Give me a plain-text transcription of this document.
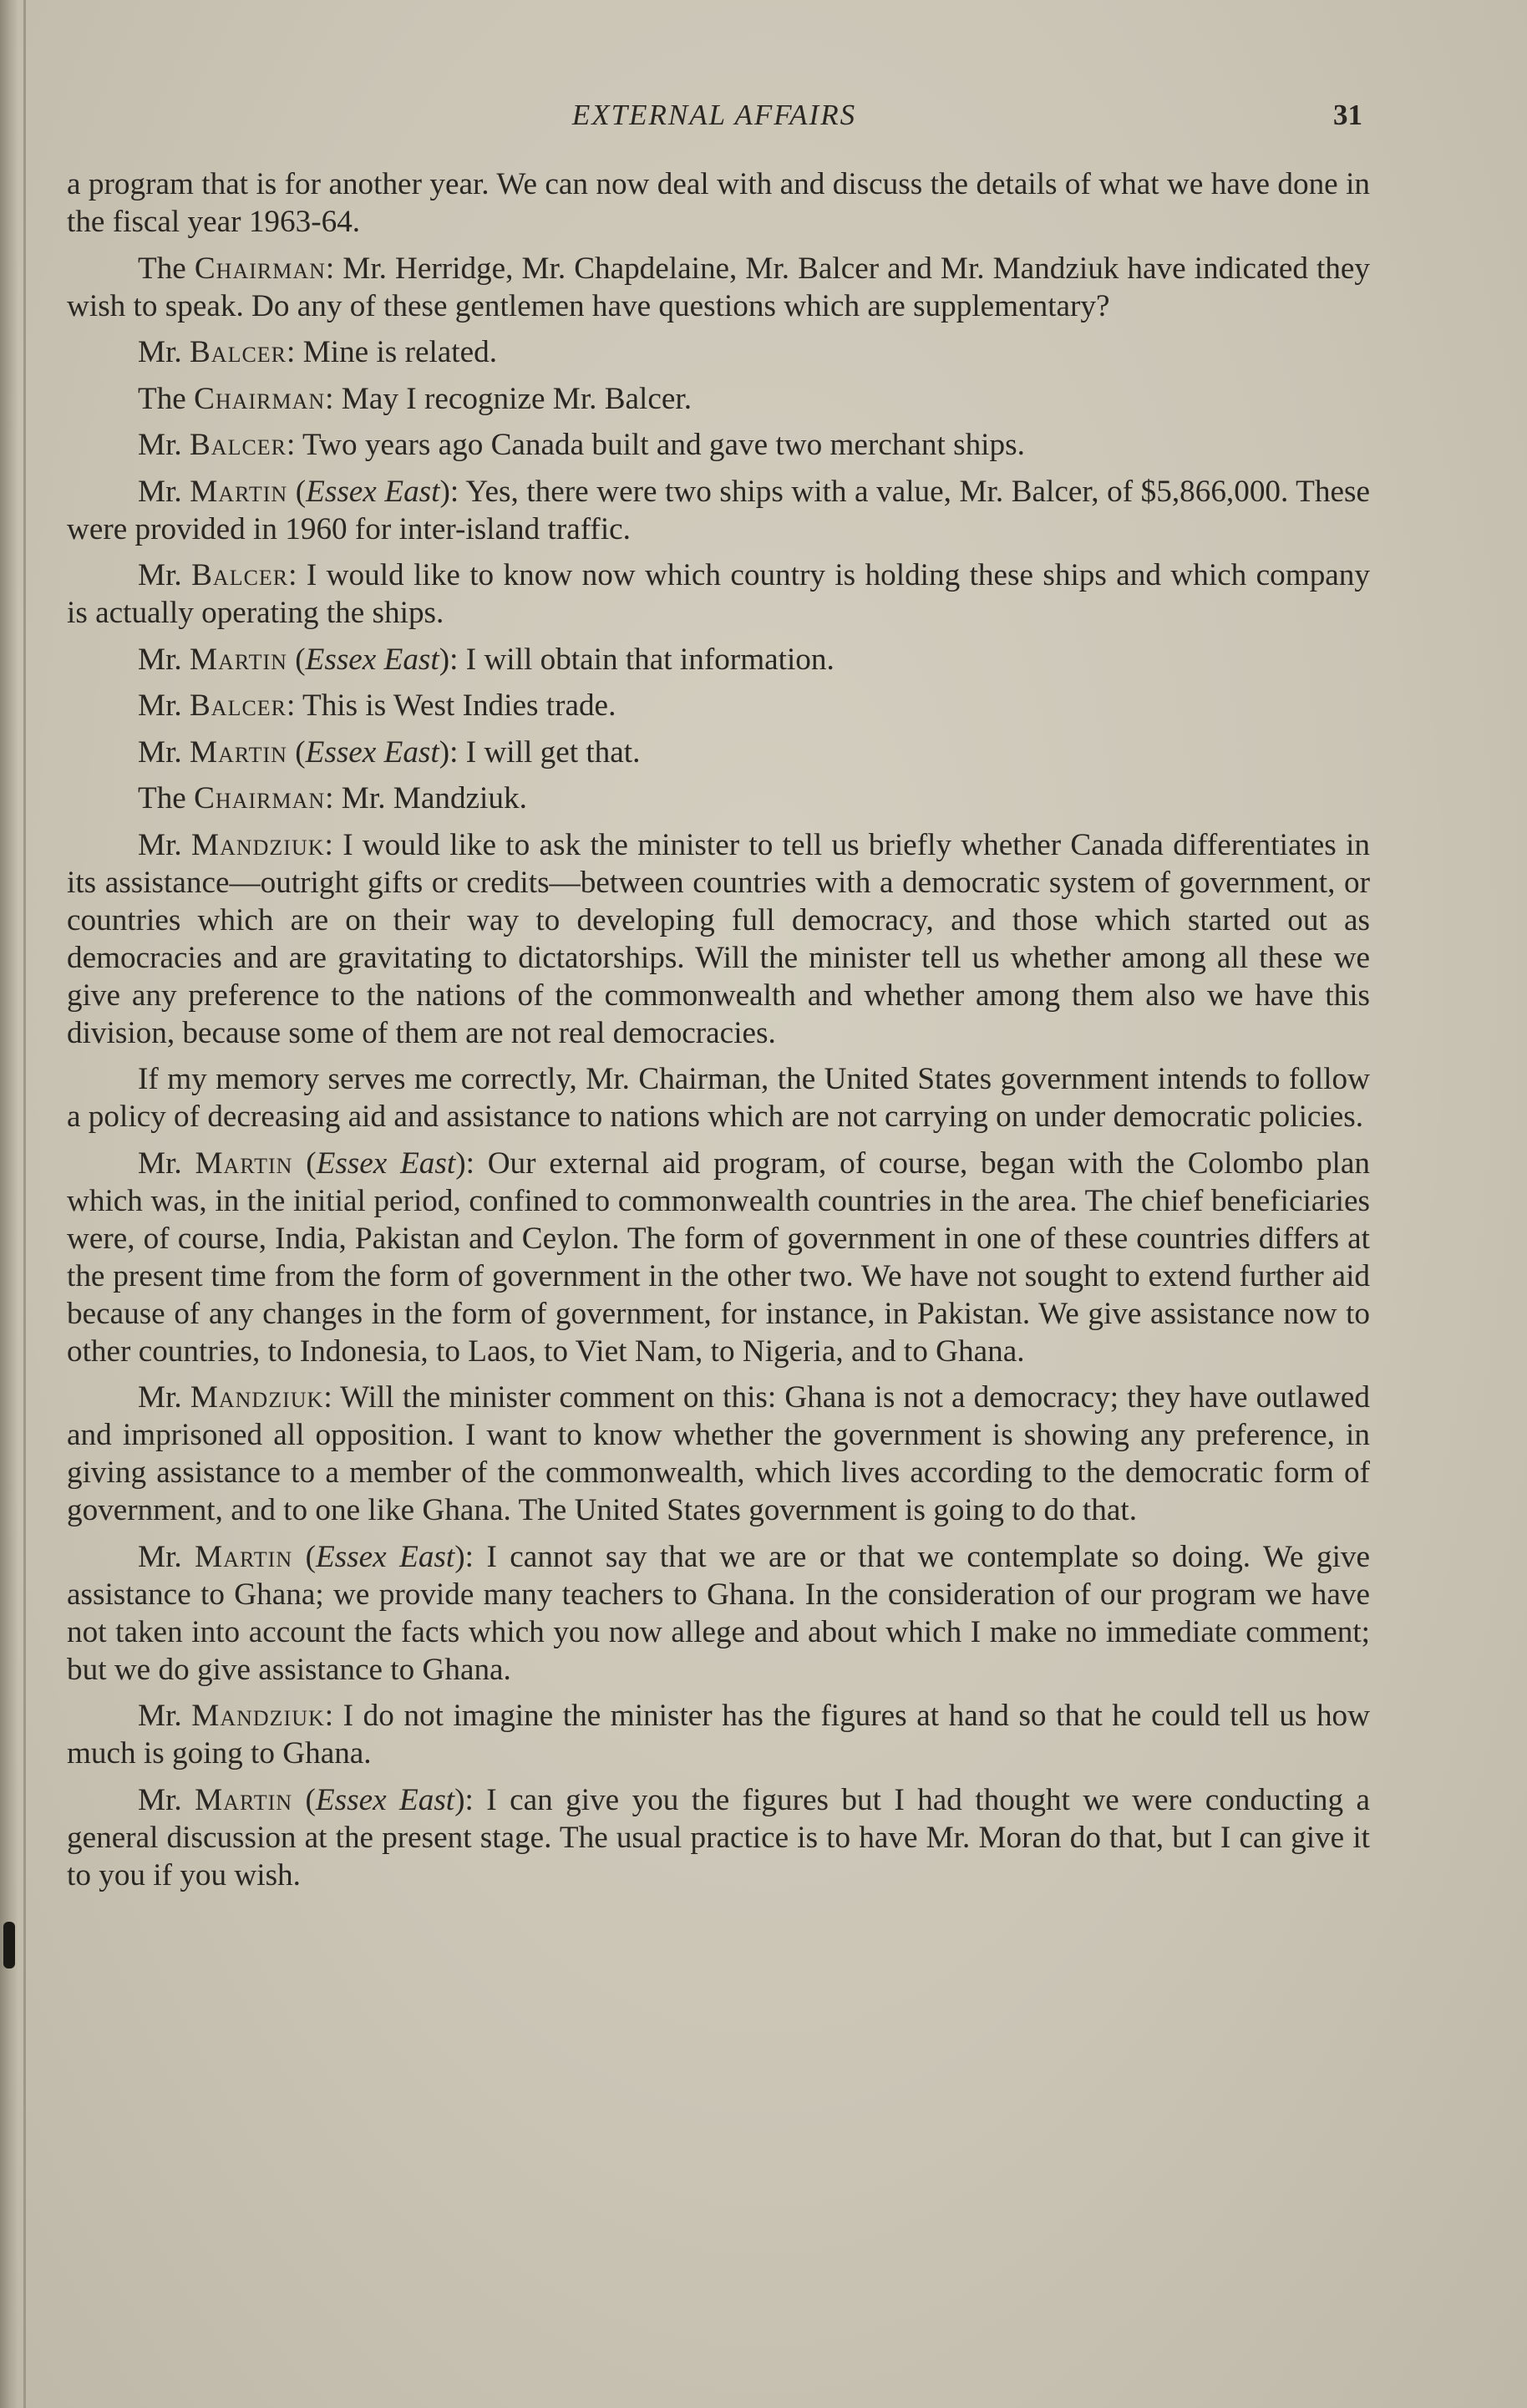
EXTERNAL AFFAIRS	31

a program that is for another year. We can now deal with and discuss the details of what we have done in the fiscal year 1963-64.

The Chairman: Mr. Herridge, Mr. Chapdelaine, Mr. Balcer and Mr. Mandziuk have indicated they wish to speak. Do any of these gentlemen have questions which are supplementary?

Mr. Balcer: Mine is related.

The Chairman: May I recognize Mr. Balcer.

Mr. Balcer: Two years ago Canada built and gave two merchant ships.

Mr. Martin (Essex East): Yes, there were two ships with a value, Mr. Balcer, of $5,866,000. These were provided in 1960 for inter-island traffic.

Mr. Balcer: I would like to know now which country is holding these ships and which company is actually operating the ships.

Mr. Martin (Essex East): I will obtain that information.

Mr. Balcer: This is West Indies trade.

Mr. Martin (Essex East): I will get that.

The Chairman: Mr. Mandziuk.

Mr. Mandziuk: I would like to ask the minister to tell us briefly whether Canada differentiates in its assistance—outright gifts or credits—between countries with a democratic system of government, or countries which are on their way to developing full democracy, and those which started out as democracies and are gravitating to dictatorships. Will the minister tell us whether among all these we give any preference to the nations of the commonwealth and whether among them also we have this division, because some of them are not real democracies.

If my memory serves me correctly, Mr. Chairman, the United States government intends to follow a policy of decreasing aid and assistance to nations which are not carrying on under democratic policies.

Mr. Martin (Essex East): Our external aid program, of course, began with the Colombo plan which was, in the initial period, confined to commonwealth countries in the area. The chief beneficiaries were, of course, India, Pakistan and Ceylon. The form of government in one of these countries differs at the present time from the form of government in the other two. We have not sought to extend further aid because of any changes in the form of government, for instance, in Pakistan. We give assistance now to other countries, to Indonesia, to Laos, to Viet Nam, to Nigeria, and to Ghana.

Mr. Mandziuk: Will the minister comment on this: Ghana is not a democracy; they have outlawed and imprisoned all opposition. I want to know whether the government is showing any preference, in giving assistance to a member of the commonwealth, which lives according to the democratic form of government, and to one like Ghana. The United States government is going to do that.

Mr. Martin (Essex East): I cannot say that we are or that we contemplate so doing. We give assistance to Ghana; we provide many teachers to Ghana. In the consideration of our program we have not taken into account the facts which you now allege and about which I make no immediate comment; but we do give assistance to Ghana.

Mr. Mandziuk: I do not imagine the minister has the figures at hand so that he could tell us how much is going to Ghana.

Mr. Martin (Essex East): I can give you the figures but I had thought we were conducting a general discussion at the present stage. The usual practice is to have Mr. Moran do that, but I can give it to you if you wish.
